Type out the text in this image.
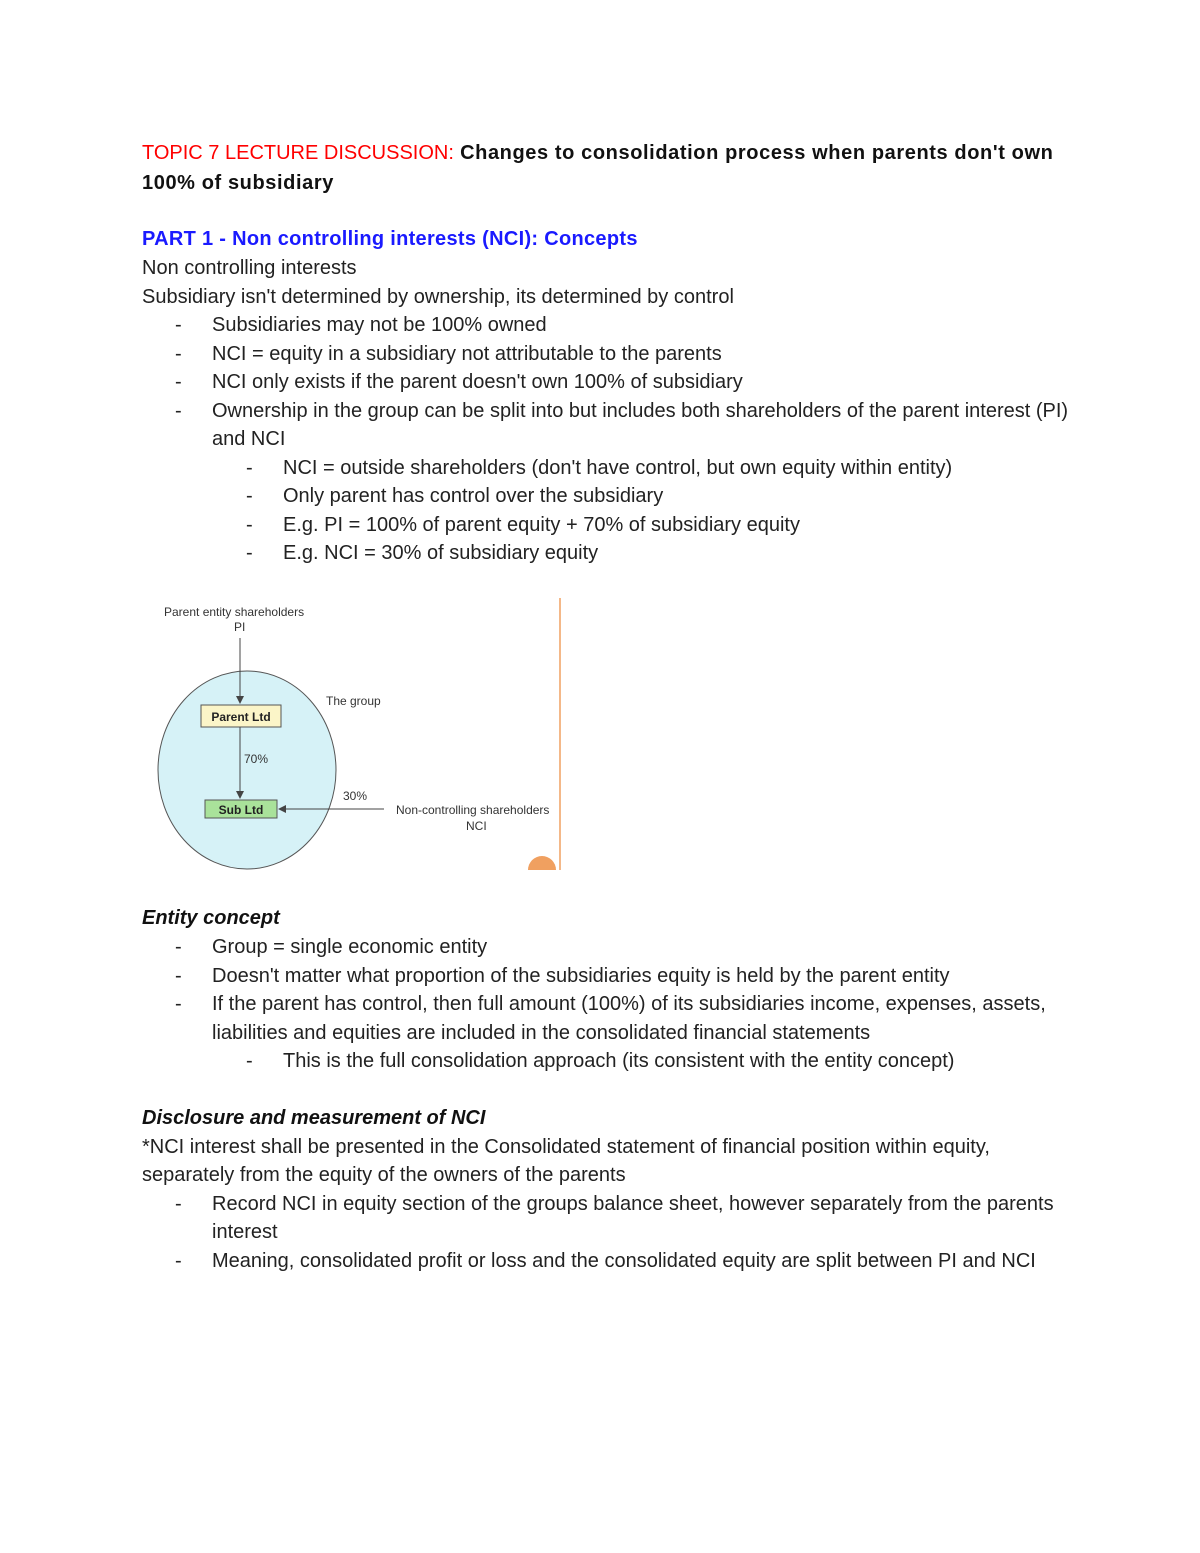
TOPIC 7 LECTURE DISCUSSION: Changes to consolidation process when parents don't own 100% of subsidiary

PART 1 - Non controlling interests (NCI): Concepts
Non controlling interests
Subsidiary isn't determined by ownership, its determined by control
- Subsidiaries may not be 100% owned
- NCI = equity in a subsidiary not attributable to the parents
- NCI only exists if the parent doesn't own 100% of subsidiary
- Ownership in the group can be split into but includes both shareholders of the parent interest (PI) and NCI
- NCI = outside shareholders (don't have control, but own equity within entity)
- Only parent has control over the subsidiary
- E.g. PI = 100% of parent equity + 70% of subsidiary equity
- E.g. NCI = 30% of subsidiary equity
Parent entity shareholders
PI
The group
Parent Ltd
70%
Sub Ltd
30%
Non-controlling shareholders
NCI
Entity concept
- Group = single economic entity
- Doesn't matter what proportion of the subsidiaries equity is held by the parent entity
- If the parent has control, then full amount (100%) of its subsidiaries income, expenses, assets, liabilities and equities are included in the consolidated financial statements
- This is the full consolidation approach (its consistent with the entity concept)
Disclosure and measurement of NCI
*NCI interest shall be presented in the Consolidated statement of financial position within equity, separately from the equity of the owners of the parents
- Record NCI in equity section of the groups balance sheet, however separately from the parents interest
- Meaning, consolidated profit or loss and the consolidated equity are split between PI and NCI
